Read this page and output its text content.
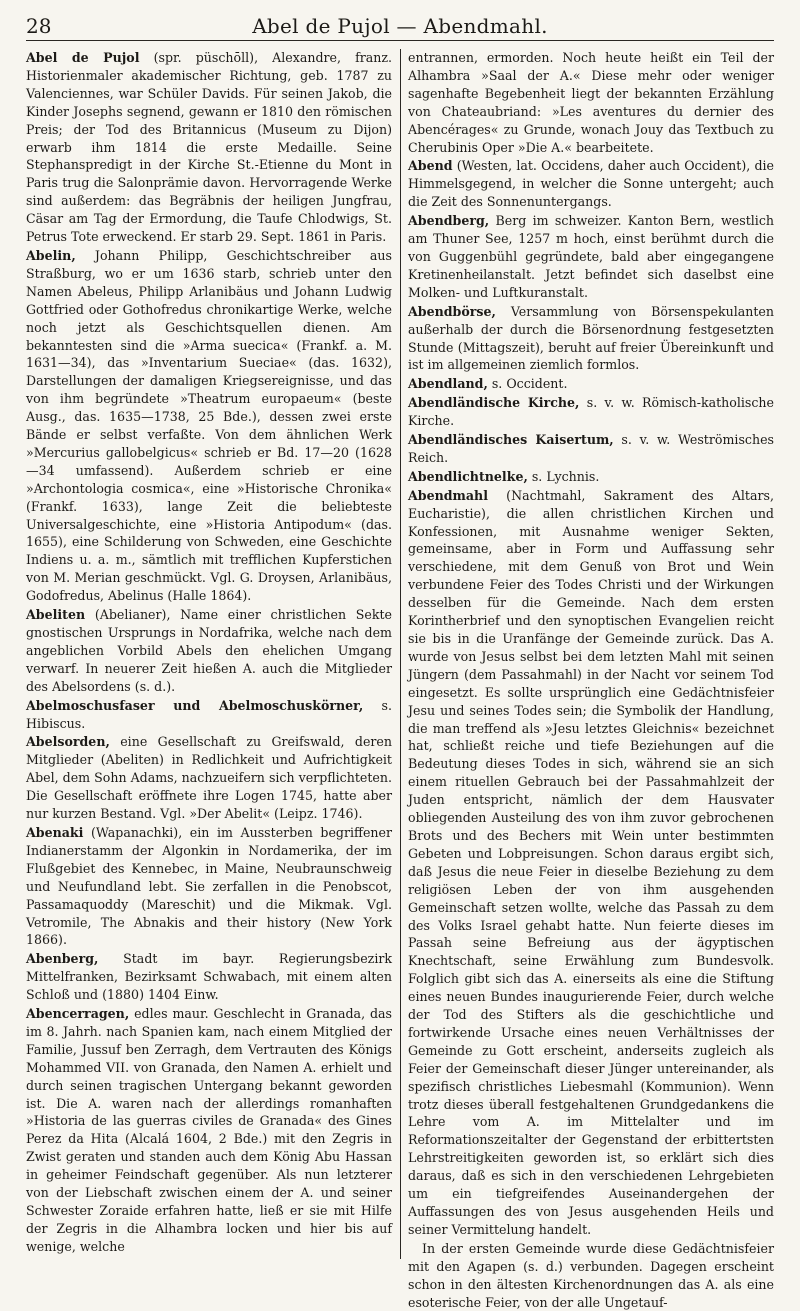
28	Abel de Pujol — Abendmahl.

Abel de Pujol (spr. püschōll), Alexandre, franz. Historienmaler akademischer Richtung, geb. 1787 zu Valenciennes, war Schüler Davids. Für seinen Jakob, die Kinder Josephs segnend, gewann er 1810 den römischen Preis; der Tod des Britannicus (Museum zu Dijon) erwarb ihm 1814 die erste Medaille. Seine Stephanspredigt in der Kirche St.-Etienne du Mont in Paris trug die Salonprämie davon. Hervorragende Werke sind außerdem: das Begräbnis der heiligen Jungfrau, Cäsar am Tag der Ermordung, die Taufe Chlodwigs, St. Petrus Tote erweckend. Er starb 29. Sept. 1861 in Paris.

Abelin, Johann Philipp, Geschichtschreiber aus Straßburg, wo er um 1636 starb, schrieb unter den Namen Abeleus, Philipp Arlanibäus und Johann Ludwig Gottfried oder Gothofredus chronikartige Werke, welche noch jetzt als Geschichtsquellen dienen. Am bekanntesten sind die »Arma suecica« (Frankf. a. M. 1631—34), das »Inventarium Sueciae« (das. 1632), Darstellungen der damaligen Kriegsereignisse, und das von ihm begründete »Theatrum europaeum« (beste Ausg., das. 1635—1738, 25 Bde.), dessen zwei erste Bände er selbst verfaßte. Von dem ähnlichen Werk »Mercurius gallobelgicus« schrieb er Bd. 17—20 (1628—34 umfassend). Außerdem schrieb er eine »Archontologia cosmica«, eine »Historische Chronika« (Frankf. 1633), lange Zeit die beliebteste Universalgeschichte, eine »Historia Antipodum« (das. 1655), eine Schilderung von Schweden, eine Geschichte Indiens u. a. m., sämtlich mit trefflichen Kupferstichen von M. Merian geschmückt. Vgl. G. Droysen, Arlanibäus, Godofredus, Abelinus (Halle 1864).

Abeliten (Abelianer), Name einer christlichen Sekte gnostischen Ursprungs in Nordafrika, welche nach dem angeblichen Vorbild Abels den ehelichen Umgang verwarf. In neuerer Zeit hießen A. auch die Mitglieder des Abelsordens (s. d.).

Abelmoschusfaser und Abelmoschuskörner, s. Hibiscus.

Abelsorden, eine Gesellschaft zu Greifswald, deren Mitglieder (Abeliten) in Redlichkeit und Aufrichtigkeit Abel, dem Sohn Adams, nachzueifern sich verpflichteten. Die Gesellschaft eröffnete ihre Logen 1745, hatte aber nur kurzen Bestand. Vgl. »Der Abelit« (Leipz. 1746).

Abenaki (Wapanachki), ein im Aussterben begriffener Indianerstamm der Algonkin in Nordamerika, der im Flußgebiet des Kennebec, in Maine, Neubraunschweig und Neufundland lebt. Sie zerfallen in die Penobscot, Passamaquoddy (Mareschit) und die Mikmak. Vgl. Vetromile, The Abnakis and their history (New York 1866).

Abenberg, Stadt im bayr. Regierungsbezirk Mittelfranken, Bezirksamt Schwabach, mit einem alten Schloß und (1880) 1404 Einw.

Abencerragen, edles maur. Geschlecht in Granada, das im 8. Jahrh. nach Spanien kam, nach einem Mitglied der Familie, Jussuf ben Zerragh, dem Vertrauten des Königs Mohammed VII. von Granada, den Namen A. erhielt und durch seinen tragischen Untergang bekannt geworden ist. Die A. waren nach der allerdings romanhaften »Historia de las guerras civiles de Granada« des Gines Perez da Hita (Alcalá 1604, 2 Bde.) mit den Zegris in Zwist geraten und standen auch dem König Abu Hassan in geheimer Feindschaft gegenüber. Als nun letzterer von der Liebschaft zwischen einem der A. und seiner Schwester Zoraide erfahren hatte, ließ er sie mit Hilfe der Zegris in die Alhambra locken und hier bis auf wenige, welche

entrannen, ermorden. Noch heute heißt ein Teil der Alhambra »Saal der A.« Diese mehr oder weniger sagenhafte Begebenheit liegt der bekannten Erzählung von Chateaubriand: »Les aventures du dernier des Abencérages« zu Grunde, wonach Jouy das Textbuch zu Cherubinis Oper »Die A.« bearbeitete.

Abend (Westen, lat. Occidens, daher auch Occident), die Himmelsgegend, in welcher die Sonne untergeht; auch die Zeit des Sonnenuntergangs.

Abendberg, Berg im schweizer. Kanton Bern, westlich am Thuner See, 1257 m hoch, einst berühmt durch die von Guggenbühl gegründete, bald aber eingegangene Kretinenheilanstalt. Jetzt befindet sich daselbst eine Molken- und Luftkuranstalt.

Abendbörse, Versammlung von Börsenspekulanten außerhalb der durch die Börsenordnung festgesetzten Stunde (Mittagszeit), beruht auf freier Übereinkunft und ist im allgemeinen ziemlich formlos.

Abendland, s. Occident.

Abendländische Kirche, s. v. w. Römisch-katholische Kirche.

Abendländisches Kaisertum, s. v. w. Weströmisches Reich.

Abendlichtnelke, s. Lychnis.

Abendmahl (Nachtmahl, Sakrament des Altars, Eucharistie), die allen christlichen Kirchen und Konfessionen, mit Ausnahme weniger Sekten, gemeinsame, aber in Form und Auffassung sehr verschiedene, mit dem Genuß von Brot und Wein verbundene Feier des Todes Christi und der Wirkungen desselben für die Gemeinde. Nach dem ersten Korintherbrief und den synoptischen Evangelien reicht sie bis in die Uranfänge der Gemeinde zurück. Das A. wurde von Jesus selbst bei dem letzten Mahl mit seinen Jüngern (dem Passahmahl) in der Nacht vor seinem Tod eingesetzt. Es sollte ursprünglich eine Gedächtnisfeier Jesu und seines Todes sein; die Symbolik der Handlung, die man treffend als »Jesu letztes Gleichnis« bezeichnet hat, schließt reiche und tiefe Beziehungen auf die Bedeutung dieses Todes in sich, während sie an sich einem rituellen Gebrauch bei der Passahmahlzeit der Juden entspricht, nämlich der dem Hausvater obliegenden Austeilung des von ihm zuvor gebrochenen Brots und des Bechers mit Wein unter bestimmten Gebeten und Lobpreisungen. Schon daraus ergibt sich, daß Jesus die neue Feier in dieselbe Beziehung zu dem religiösen Leben der von ihm ausgehenden Gemeinschaft setzen wollte, welche das Passah zu dem des Volks Israel gehabt hatte. Nun feierte dieses im Passah seine Befreiung aus der ägyptischen Knechtschaft, seine Erwählung zum Bundesvolk. Folglich gibt sich das A. einerseits als eine die Stiftung eines neuen Bundes inaugurierende Feier, durch welche der Tod des Stifters als die geschichtliche und fortwirkende Ursache eines neuen Verhältnisses der Gemeinde zu Gott erscheint, anderseits zugleich als Feier der Gemeinschaft dieser Jünger untereinander, als spezifisch christliches Liebesmahl (Kommunion). Wenn trotz dieses überall festgehaltenen Grundgedankens die Lehre vom A. im Mittelalter und im Reformationszeitalter der Gegenstand der erbittertsten Lehrstreitigkeiten geworden ist, so erklärt sich dies daraus, daß es sich in den verschiedenen Lehrgebieten um ein tiefgreifendes Auseinandergehen der Auffassungen des von Jesus ausgehenden Heils und seiner Vermittelung handelt.

In der ersten Gemeinde wurde diese Gedächtnisfeier mit den Agapen (s. d.) verbunden. Dagegen erscheint schon in den ältesten Kirchenordnungen das A. als eine esoterische Feier, von der alle Ungetauf-
